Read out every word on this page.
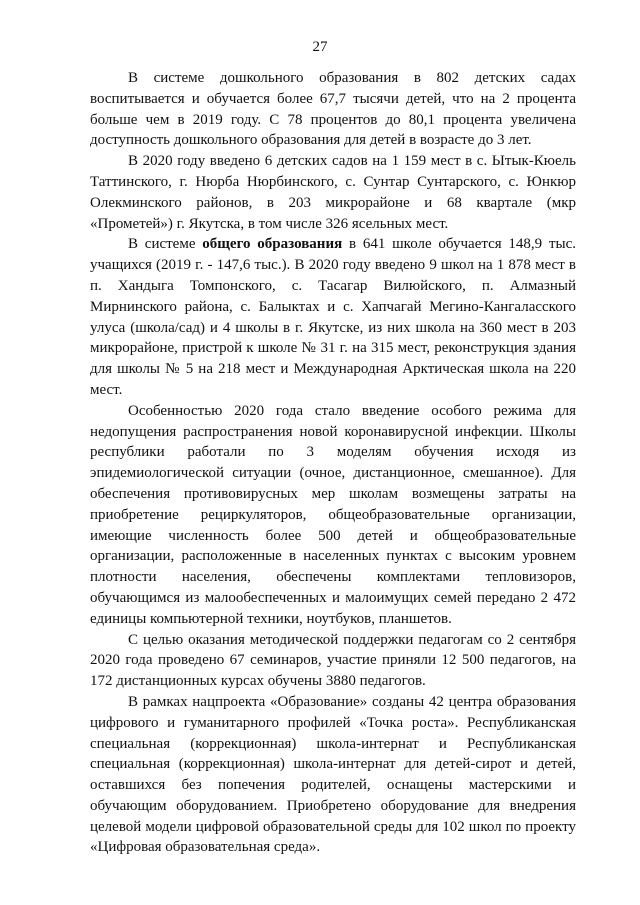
27

В системе дошкольного образования в 802 детских садах воспитывается и обучается более 67,7 тысячи детей, что на 2 процента больше чем в 2019 году. С 78 процентов до 80,1 процента увеличена доступность дошкольного образования для детей в возрасте до 3 лет.

В 2020 году введено 6 детских садов на 1 159 мест в с. Ытык-Кюель Таттинского, г. Нюрба Нюрбинского, с. Сунтар Сунтарского, с. Юнкюр Олекминского районов, в 203 микрорайоне и 68 квартале (мкр «Прометей») г. Якутска, в том числе 326 ясельных мест.

В системе общего образования в 641 школе обучается 148,9 тыс. учащихся (2019 г. - 147,6 тыс.). В 2020 году введено 9 школ на 1 878 мест в п. Хандыга Томпонского, с. Тасагар Вилюйского, п. Алмазный Мирнинского района, с. Балыктах и с. Хапчагай Мегино-Кангаласского улуса (школа/сад) и 4 школы в г. Якутске, из них школа на 360 мест в 203 микрорайоне, пристрой к школе № 31 г. на 315 мест, реконструкция здания для школы № 5 на 218 мест и Международная Арктическая школа на 220 мест.

Особенностью 2020 года стало введение особого режима для недопущения распространения новой коронавирусной инфекции. Школы республики работали по 3 моделям обучения исходя из эпидемиологической ситуации (очное, дистанционное, смешанное). Для обеспечения противовирусных мер школам возмещены затраты на приобретение рециркуляторов, общеобразовательные организации, имеющие численность более 500 детей и общеобразовательные организации, расположенные в населенных пунктах с высоким уровнем плотности населения, обеспечены комплектами тепловизоров, обучающимся из малообеспеченных и малоимущих семей передано 2 472 единицы компьютерной техники, ноутбуков, планшетов.

С целью оказания методической поддержки педагогам со 2 сентября 2020 года проведено 67 семинаров, участие приняли 12 500 педагогов, на 172 дистанционных курсах обучены 3880 педагогов.

В рамках нацпроекта «Образование» созданы 42 центра образования цифрового и гуманитарного профилей «Точка роста». Республиканская специальная (коррекционная) школа-интернат и Республиканская специальная (коррекционная) школа-интернат для детей-сирот и детей, оставшихся без попечения родителей, оснащены мастерскими и обучающим оборудованием. Приобретено оборудование для внедрения целевой модели цифровой образовательной среды для 102 школ по проекту «Цифровая образовательная среда».
